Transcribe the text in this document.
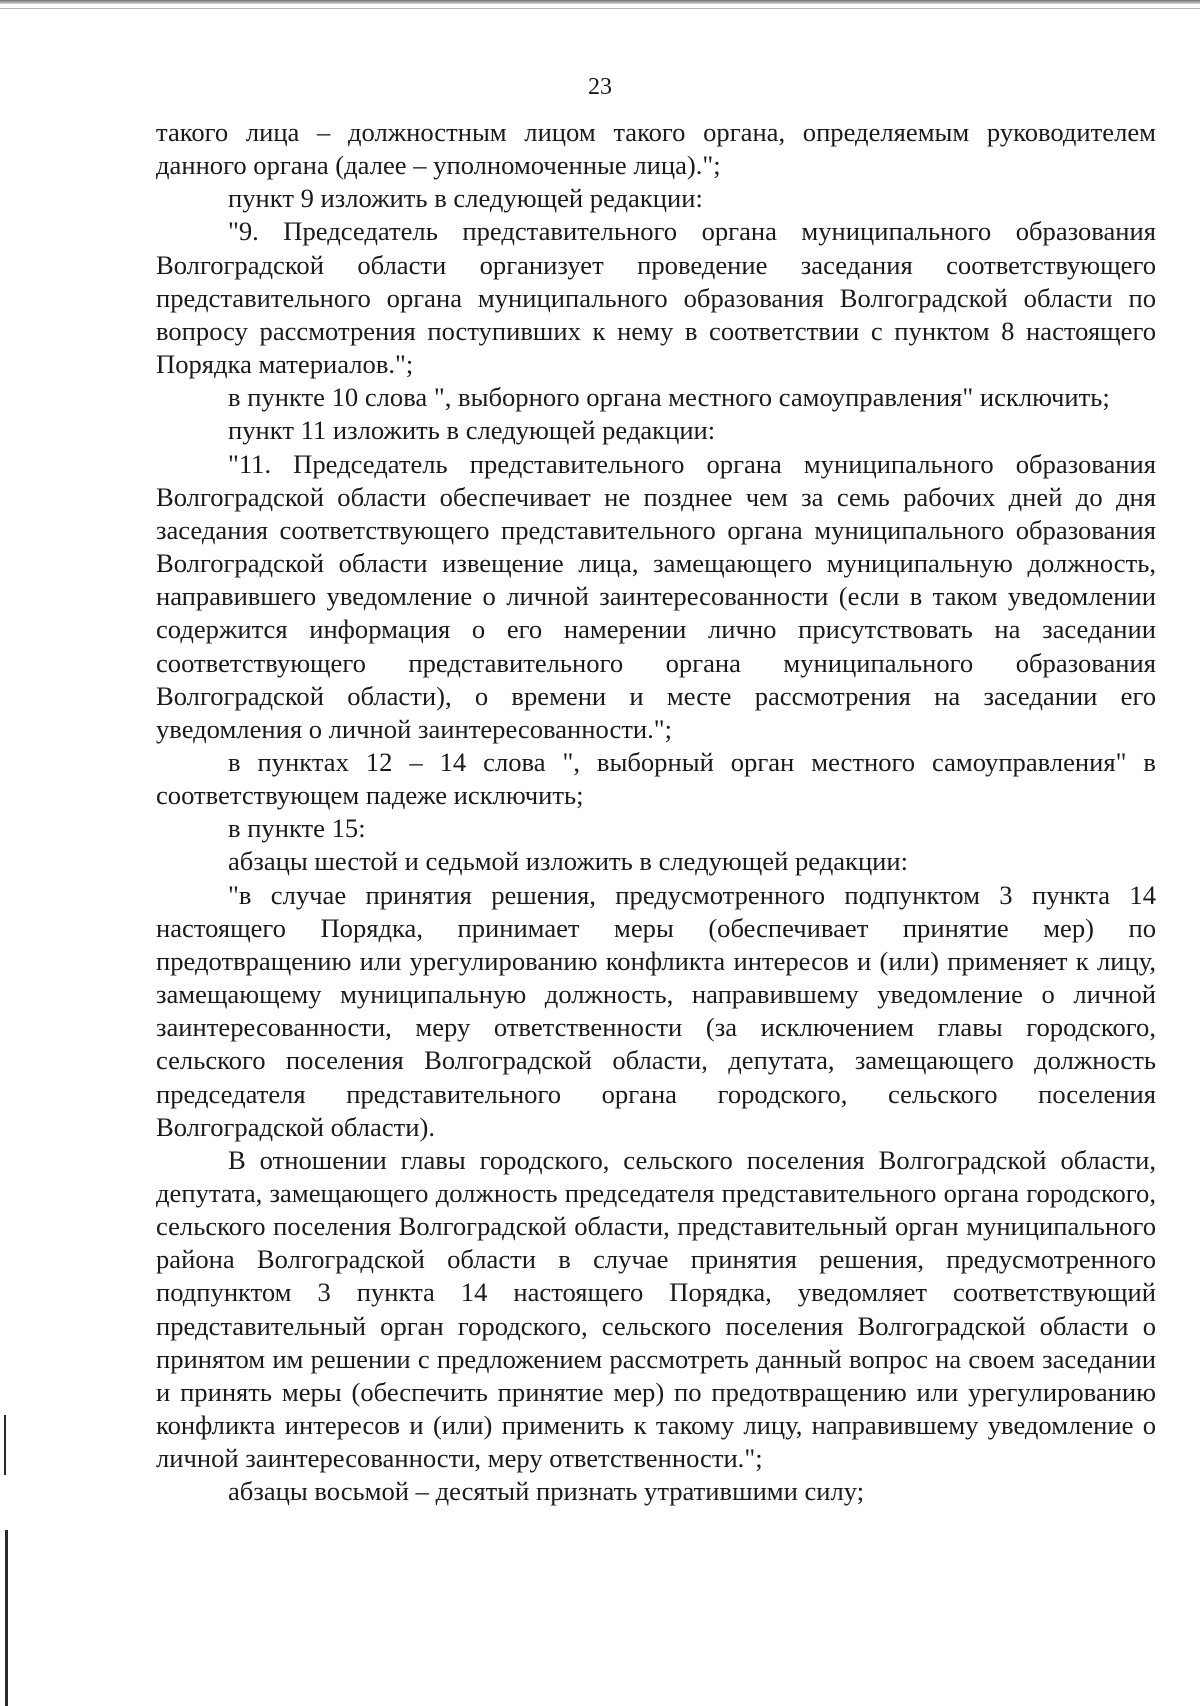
23

такого лица – должностным лицом такого органа, определяемым руководителем данного органа (далее – уполномоченные лица).";

пункт 9 изложить в следующей редакции:

"9. Председатель представительного органа муниципального образования Волгоградской области организует проведение заседания соответствующего представительного органа муниципального образования Волгоградской области по вопросу рассмотрения поступивших к нему в соответствии с пунктом 8 настоящего Порядка материалов.";

в пункте 10 слова ", выборного органа местного самоуправления" исключить;

пункт 11 изложить в следующей редакции:

"11. Председатель представительного органа муниципального образования Волгоградской области обеспечивает не позднее чем за семь рабочих дней до дня заседания соответствующего представительного органа муниципального образования Волгоградской области извещение лица, замещающего муниципальную должность, направившего уведомление о личной заинтересованности (если в таком уведомлении содержится информация о его намерении лично присутствовать на заседании соответствующего представительного органа муниципального образования Волгоградской области), о времени и месте рассмотрения на заседании его уведомления о личной заинтересованности.";

в пунктах 12 – 14 слова ", выборный орган местного самоуправления" в соответствующем падеже исключить;

в пункте 15:

абзацы шестой и седьмой изложить в следующей редакции:

"в случае принятия решения, предусмотренного подпунктом 3 пункта 14 настоящего Порядка, принимает меры (обеспечивает принятие мер) по предотвращению или урегулированию конфликта интересов и (или) применяет к лицу, замещающему муниципальную должность, направившему уведомление о личной заинтересованности, меру ответственности (за исключением главы городского, сельского поселения Волгоградской области, депутата, замещающего должность председателя представительного органа городского, сельского поселения Волгоградской области).

В отношении главы городского, сельского поселения Волгоградской области, депутата, замещающего должность председателя представительного органа городского, сельского поселения Волгоградской области, представительный орган муниципального района Волгоградской области в случае принятия решения, предусмотренного подпунктом 3 пункта 14 настоящего Порядка, уведомляет соответствующий представительный орган городского, сельского поселения Волгоградской области о принятом им решении с предложением рассмотреть данный вопрос на своем заседании и принять меры (обеспечить принятие мер) по предотвращению или урегулированию конфликта интересов и (или) применить к такому лицу, направившему уведомление о личной заинтересованности, меру ответственности.";

абзацы восьмой – десятый признать утратившими силу;
